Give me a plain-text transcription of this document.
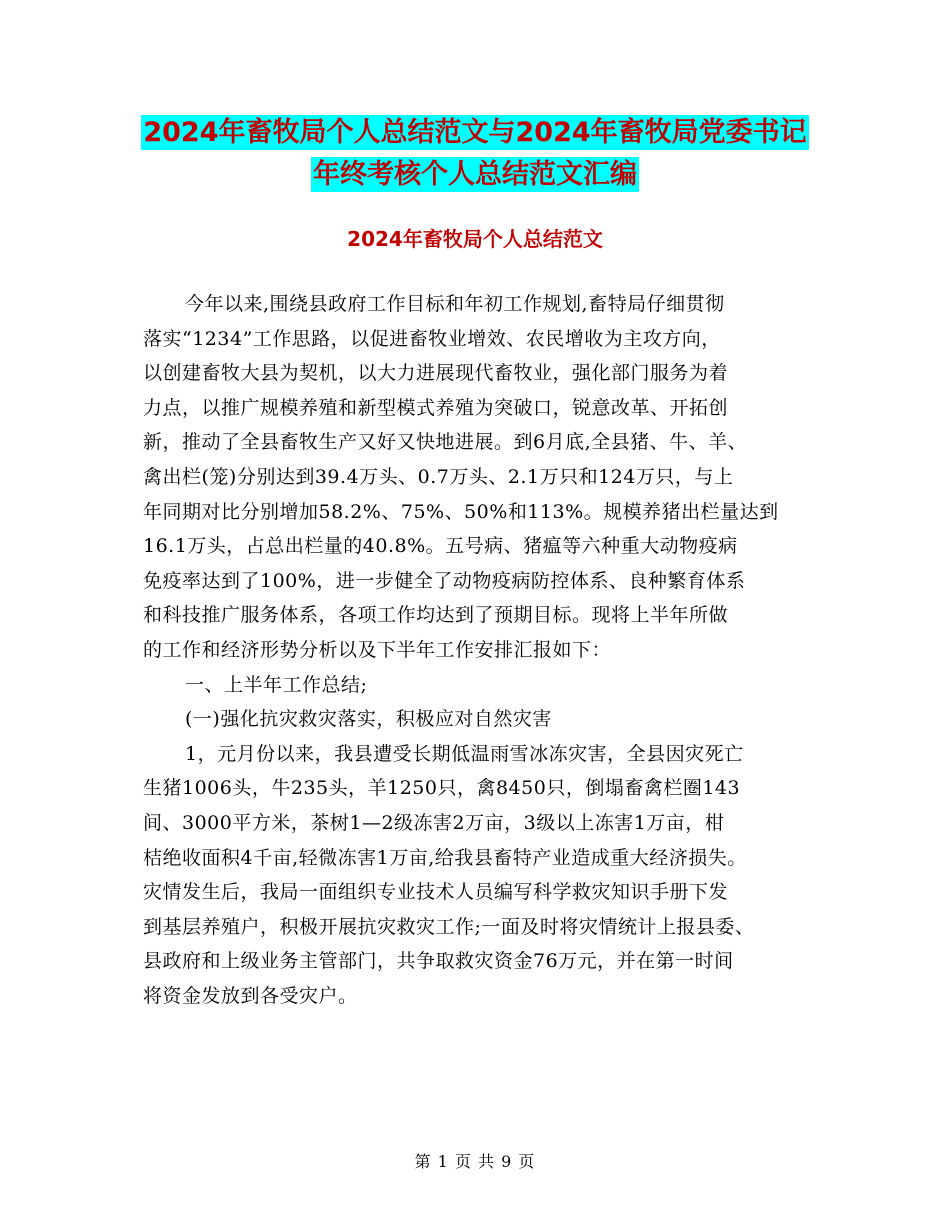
2024年畜牧局个人总结范文与2024年畜牧局党委书记
年终考核个人总结范文汇编
2024年畜牧局个人总结范文
今年以来,围绕县政府工作目标和年初工作规划,畜特局仔细贯彻
落实“1234”工作思路，以促进畜牧业增效、农民增收为主攻方向，
以创建畜牧大县为契机，以大力进展现代畜牧业，强化部门服务为着
力点，以推广规模养殖和新型模式养殖为突破口，锐意改革、开拓创
新，推动了全县畜牧生产又好又快地进展。到6月底,全县猪、牛、羊、
禽出栏(笼)分别达到39.4万头、0.7万头、2.1万只和124万只，与上
年同期对比分别增加58.2%、75%、50%和113%。规模养猪出栏量达到
16.1万头，占总出栏量的40.8%。五号病、猪瘟等六种重大动物疫病
免疫率达到了100%，进一步健全了动物疫病防控体系、良种繁育体系
和科技推广服务体系，各项工作均达到了预期目标。现将上半年所做
的工作和经济形势分析以及下半年工作安排汇报如下：
一、上半年工作总结;
(一)强化抗灾救灾落实，积极应对自然灾害
1，元月份以来，我县遭受长期低温雨雪冰冻灾害，全县因灾死亡
生猪1006头，牛235头，羊1250只，禽8450只，倒塌畜禽栏圈143
间、3000平方米，茶树1—2级冻害2万亩，3级以上冻害1万亩，柑
桔绝收面积4千亩,轻微冻害1万亩,给我县畜特产业造成重大经济损失。
灾情发生后，我局一面组织专业技术人员编写科学救灾知识手册下发
到基层养殖户，积极开展抗灾救灾工作;一面及时将灾情统计上报县委、
县政府和上级业务主管部门，共争取救灾资金76万元，并在第一时间
将资金发放到各受灾户。
第 1 页 共 9 页
